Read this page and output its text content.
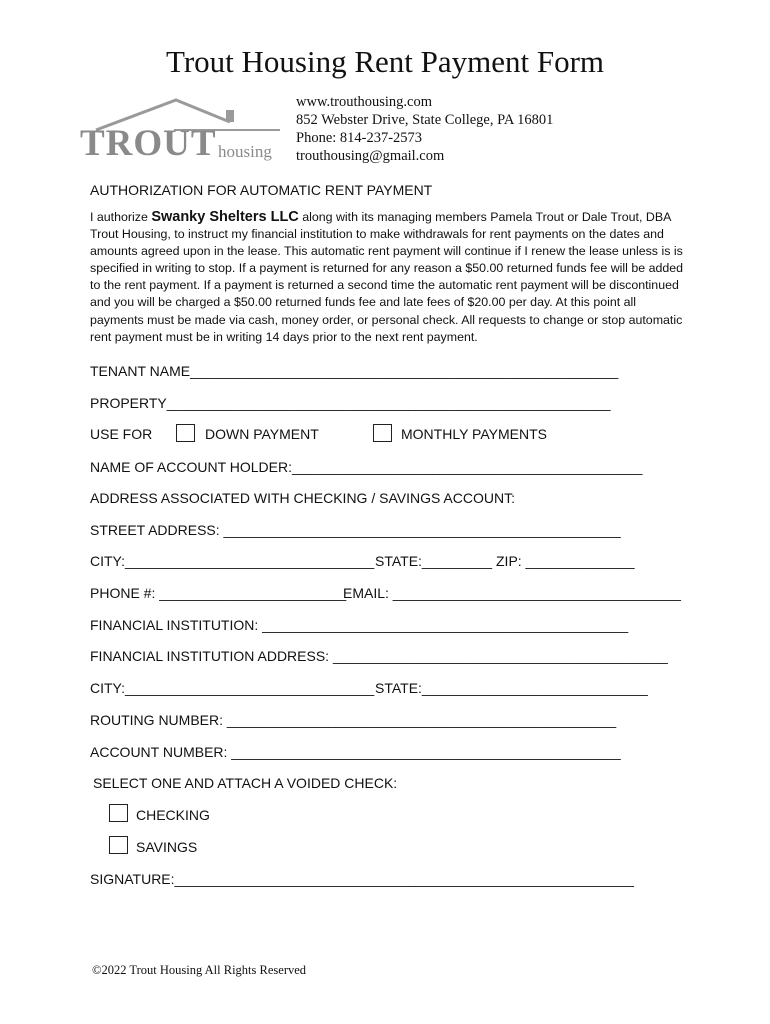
Trout Housing Rent Payment Form
TROUT housing
www.trouthousing.com
852 Webster Drive, State College, PA 16801
Phone: 814-237-2573
trouthousing@gmail.com
AUTHORIZATION FOR AUTOMATIC RENT PAYMENT
I authorize Swanky Shelters LLC along with its managing members Pamela Trout or Dale Trout, DBA Trout Housing, to instruct my financial institution to make withdrawals for rent payments on the dates and amounts agreed upon in the lease. This automatic rent payment will continue if I renew the lease unless is is specified in writing to stop. If a payment is returned for any reason a $50.00 returned funds fee will be added to the rent payment. If a payment is returned a second time the automatic rent payment will be discontinued and you will be charged a $50.00 returned funds fee and late fees of $20.00 per day. At this point all payments must be made via cash, money order, or personal check. All requests to change or stop automatic rent payment must be in writing 14 days prior to the next rent payment.
TENANT NAME_______________________________________________________
PROPERTY_________________________________________________________
USE FOR	DOWN PAYMENT	MONTHLY PAYMENTS
NAME OF ACCOUNT HOLDER:_____________________________________________
ADDRESS ASSOCIATED WITH CHECKING / SAVINGS ACCOUNT:
STREET ADDRESS: ___________________________________________________
CITY:________________________________ STATE:_________ ZIP: ______________
PHONE #: ________________________
EMAIL: _____________________________________
FINANCIAL INSTITUTION: _______________________________________________
FINANCIAL INSTITUTION ADDRESS: ___________________________________________
CITY:________________________________ STATE:_____________________________
ROUTING NUMBER: __________________________________________________
ACCOUNT NUMBER: __________________________________________________
SELECT ONE AND ATTACH A VOIDED CHECK:
CHECKING
SAVINGS
SIGNATURE:___________________________________________________________
©2022 Trout Housing All Rights Reserved
